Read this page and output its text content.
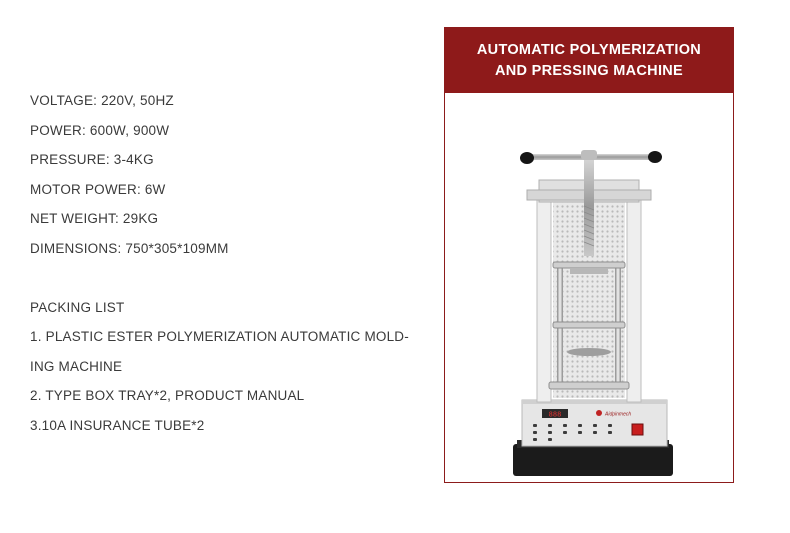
VOLTAGE: 220V, 50HZ
POWER: 600W, 900W
PRESSURE: 3-4KG
MOTOR POWER: 6W
NET WEIGHT: 29KG
DIMENSIONS: 750*305*109MM
PACKING LIST
1. PLASTIC ESTER POLYMERIZATION AUTOMATIC MOLD-
ING MACHINE
2. TYPE BOX TRAY*2, PRODUCT MANUAL
3.10A INSURANCE TUBE*2
AUTOMATIC POLYMERIZATION
AND PRESSING MACHINE
888	Aidpinmech
